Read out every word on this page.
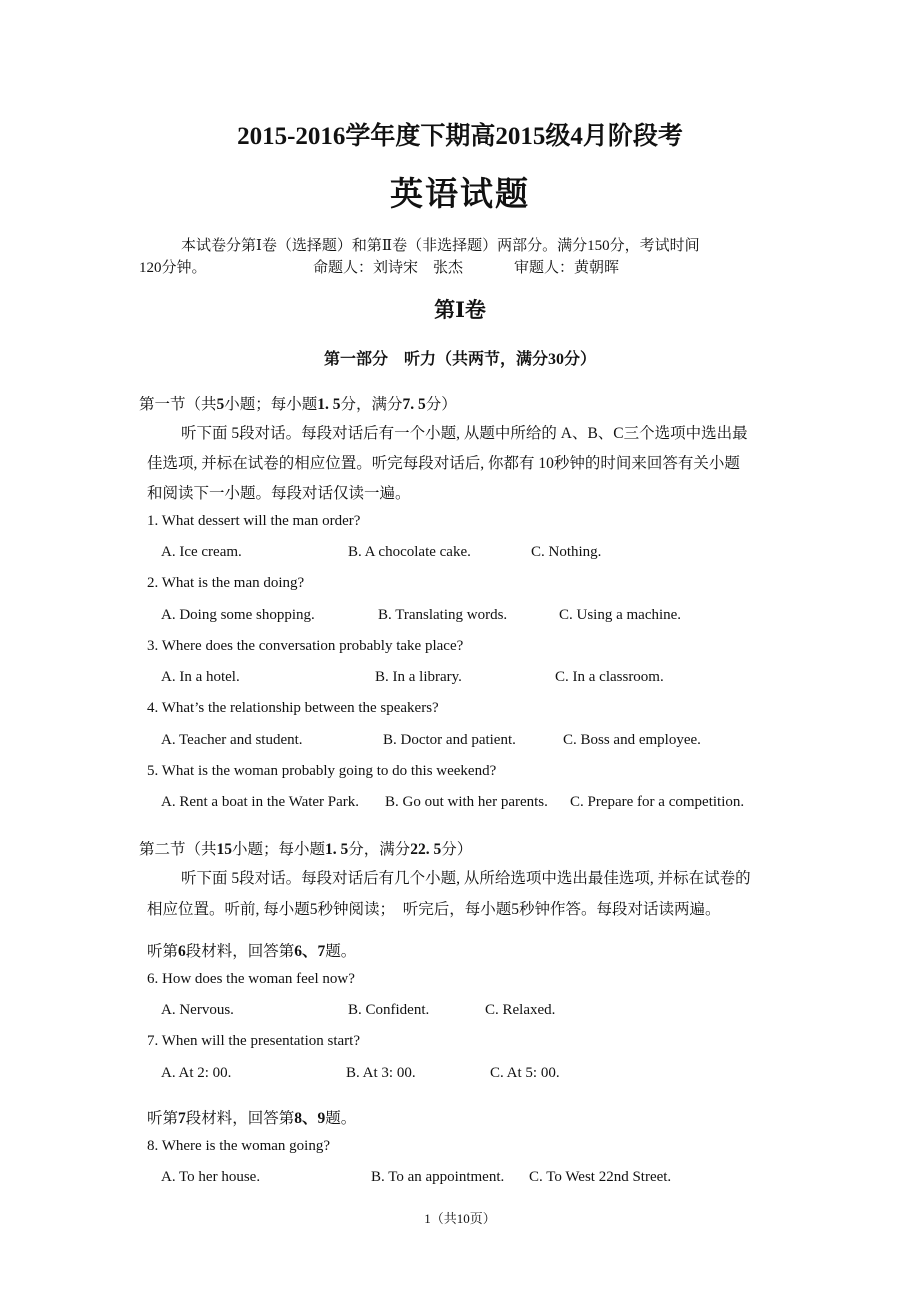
2015-2016学年度下期高2015级4月阶段考
英语试题
本试卷分第Ⅰ卷（选择题）和第Ⅱ卷（非选择题）两部分。满分150分，考试时间
120分钟。	命题人：刘诗宋　张杰	审题人：黄朝晖
第Ⅰ卷
第一部分　听力（共两节，满分30分）
第一节（共5小题；每小题1. 5分，满分7. 5分）
听下面 5段对话。每段对话后有一个小题, 从题中所给的 A、B、C三个选项中选出最
佳选项, 并标在试卷的相应位置。听完每段对话后, 你都有 10秒钟的时间来回答有关小题
和阅读下一小题。每段对话仅读一遍。
1. What dessert will the man order?
A. Ice cream.	B. A chocolate cake.	C. Nothing.
2. What is the man doing?
A. Doing some shopping.	B. Translating words.	C. Using a machine.
3. Where does the conversation probably take place?
A. In a hotel.	B. In a library.	C. In a classroom.
4. What’s the relationship between the speakers?
A. Teacher and student.	B. Doctor and patient.	C. Boss and employee.
5. What is the woman probably going to do this weekend?
A. Rent a boat in the Water Park. B. Go out with her parents. C. Prepare for a competition.
第二节（共15小题；每小题1. 5分，满分22. 5分）
听下面 5段对话。每段对话后有几个小题, 从所给选项中选出最佳选项, 并标在试卷的
相应位置。听前, 每小题5秒钟阅读；　听完后，每小题5秒钟作答。每段对话读两遍。
听第6段材料，回答第6、7题。
6. How does the woman feel now?
A. Nervous.	B. Confident.	C. Relaxed.
7. When will the presentation start?
A. At 2: 00.	B. At 3: 00.	C. At 5: 00.
听第7段材料，回答第8、9题。
8. Where is the woman going?
A. To her house.	B. To an appointment. C. To West 22nd Street.
1（共10页）
